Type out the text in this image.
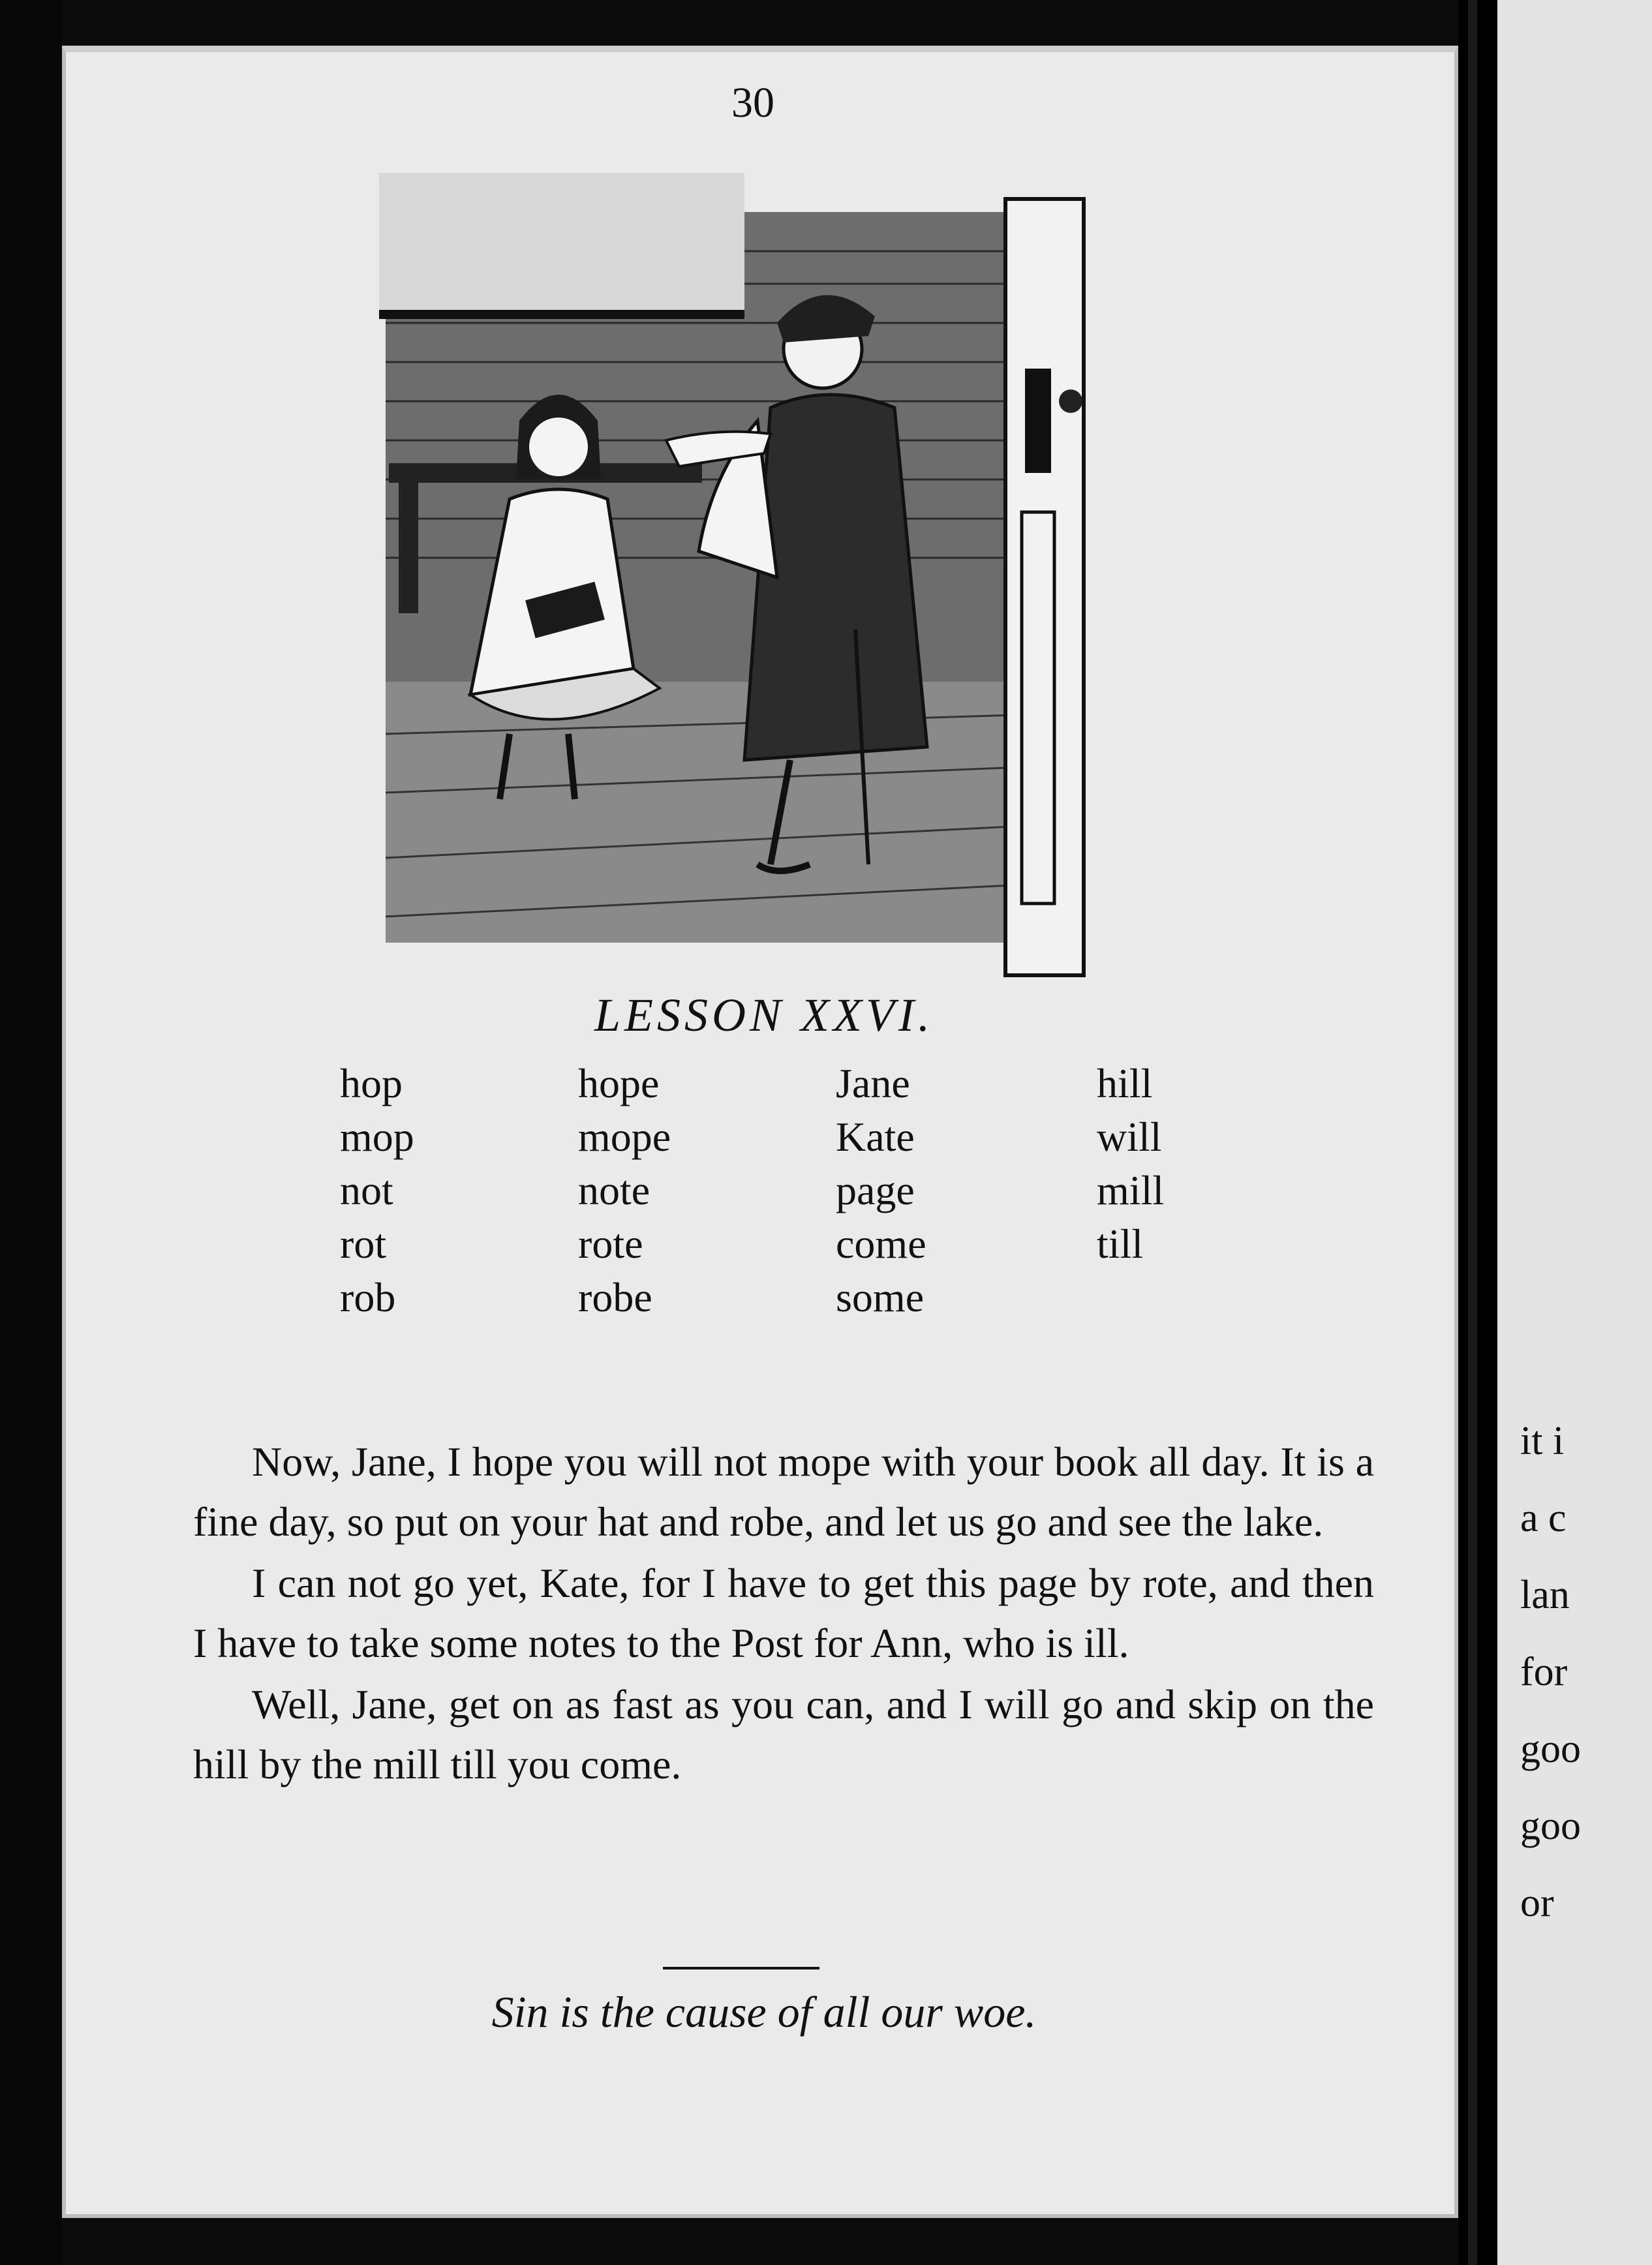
30
LESSON XXVI.
hop
mop
not
rot
rob
hope
mope
note
rote
robe
Jane
Kate
page
come
some
hill
will
mill
till

Now, Jane, I hope you will not mope with your book all day. It is a fine day, so put on your hat and robe, and let us go and see the lake.

I can not go yet, Kate, for I have to get this page by rote, and then I have to take some notes to the Post for Ann, who is ill.

Well, Jane, get on as fast as you can, and I will go and skip on the hill by the mill till you come.

Sin is the cause of all our woe.
it i
a c
lan
for
goo
goo
or
